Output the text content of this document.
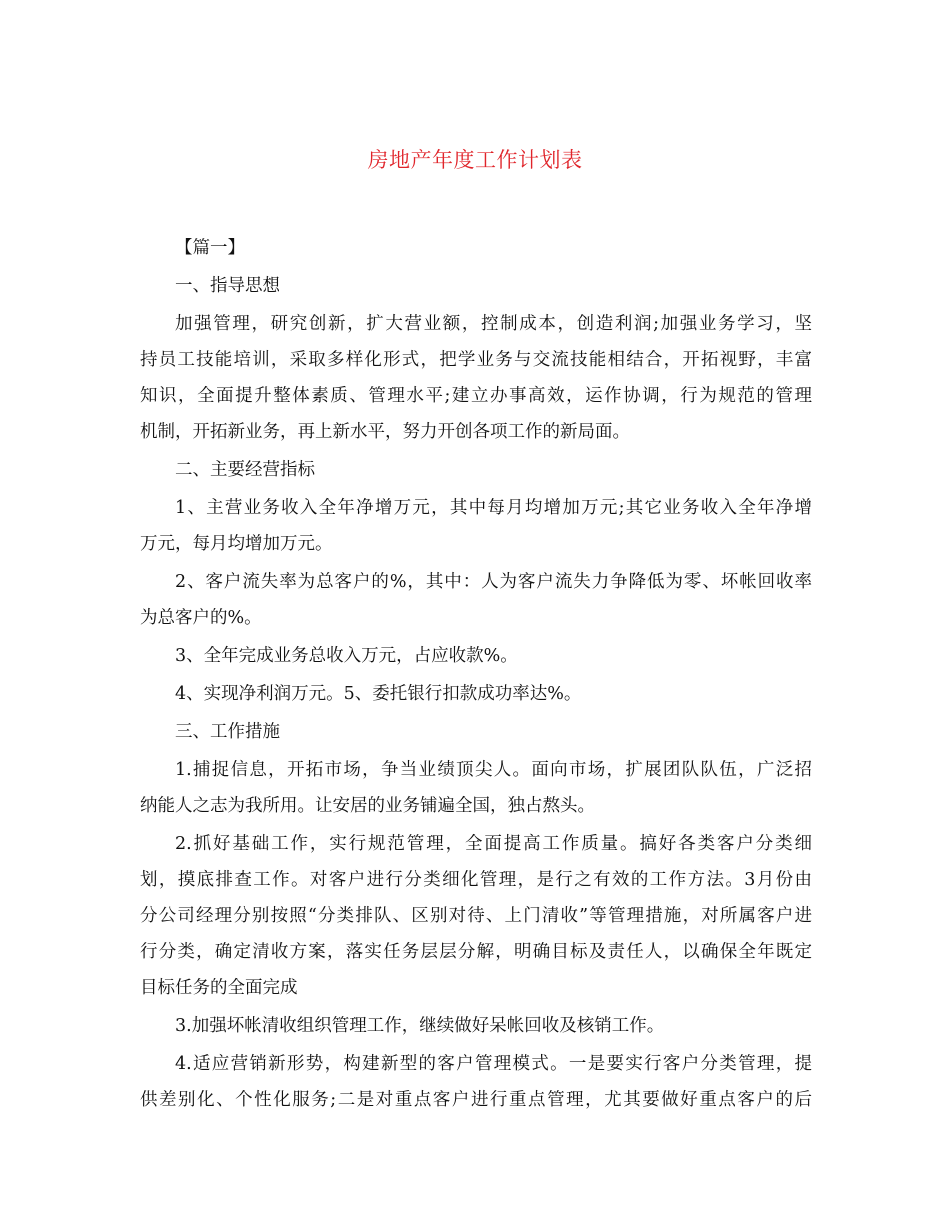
房地产年度工作计划表
【篇一】
一、指导思想
加强管理，研究创新，扩大营业额，控制成本，创造利润;加强业务学习，坚
持员工技能培训，采取多样化形式，把学业务与交流技能相结合，开拓视野，丰富
知识，全面提升整体素质、管理水平;建立办事高效，运作协调，行为规范的管理
机制，开拓新业务，再上新水平，努力开创各项工作的新局面。
二、主要经营指标
1、主营业务收入全年净增万元，其中每月均增加万元;其它业务收入全年净增
万元，每月均增加万元。
2、客户流失率为总客户的%，其中：人为客户流失力争降低为零、坏帐回收率
为总客户的%。
3、全年完成业务总收入万元，占应收款%。
4、实现净利润万元。5、委托银行扣款成功率达%。
三、工作措施
1.捕捉信息，开拓市场，争当业绩顶尖人。面向市场，扩展团队队伍，广泛招
纳能人之志为我所用。让安居的业务铺遍全国，独占熬头。
2.抓好基础工作，实行规范管理，全面提高工作质量。搞好各类客户分类细
划，摸底排查工作。对客户进行分类细化管理，是行之有效的工作方法。3月份由
分公司经理分别按照“分类排队、区别对待、上门清收”等管理措施，对所属客户进
行分类，确定清收方案，落实任务层层分解，明确目标及责任人，以确保全年既定
目标任务的全面完成
3.加强坏帐清收组织管理工作，继续做好呆帐回收及核销工作。
4.适应营销新形势，构建新型的客户管理模式。一是要实行客户分类管理，提
供差别化、个性化服务;二是对重点客户进行重点管理，尤其要做好重点客户的后
